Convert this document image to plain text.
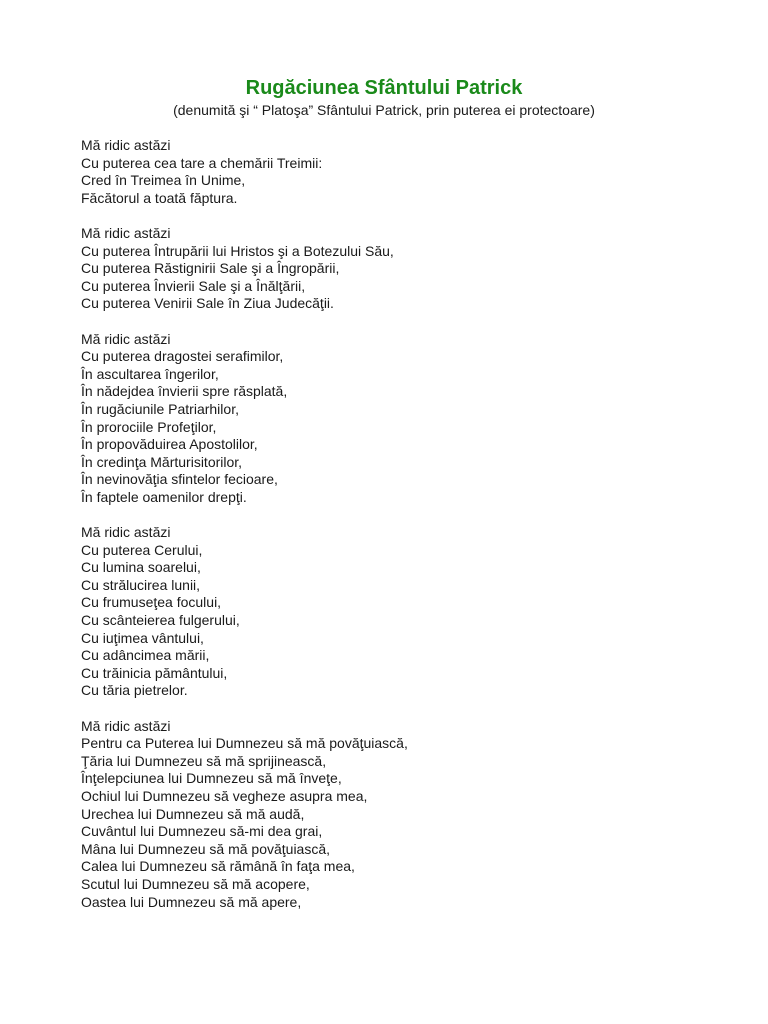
Rugăciunea Sfântului Patrick

(denumită şi “ Platoşa” Sfântului Patrick, prin puterea ei protectoare)

Mă ridic astăzi
Cu puterea cea tare a chemării Treimii:
Cred în Treimea în Unime,
Făcătorul a toată făptura.
Mă ridic astăzi
Cu puterea Întrupării lui Hristos şi a Botezului Său,
Cu puterea Răstignirii Sale şi a Îngropării,
Cu puterea Învierii Sale şi a Înălţării,
Cu puterea Venirii Sale în Ziua Judecăţii.
Mă ridic astăzi
Cu puterea dragostei serafimilor,
În ascultarea îngerilor,
În nădejdea învierii spre răsplată,
În rugăciunile Patriarhilor,
În prorociile Profeţilor,
În propovăduirea Apostolilor,
În credinţa Mărturisitorilor,
În nevinovăţia sfintelor fecioare,
În faptele oamenilor drepţi.
Mă ridic astăzi
Cu puterea Cerului,
Cu lumina soarelui,
Cu strălucirea lunii,
Cu frumuseţea focului,
Cu scânteierea fulgerului,
Cu iuţimea vântului,
Cu adâncimea mării,
Cu trăinicia pământului,
Cu tăria pietrelor.
Mă ridic astăzi
Pentru ca Puterea lui Dumnezeu să mă povăţuiască,
Ţăria lui Dumnezeu să mă sprijinească,
Înţelepciunea lui Dumnezeu să mă înveţe,
Ochiul lui Dumnezeu să vegheze asupra mea,
Urechea lui Dumnezeu să mă audă,
Cuvântul lui Dumnezeu să-mi dea grai,
Mâna lui Dumnezeu să mă povăţuiască,
Calea lui Dumnezeu să rămână în faţa mea,
Scutul lui Dumnezeu să mă acopere,
Oastea lui Dumnezeu să mă apere,
